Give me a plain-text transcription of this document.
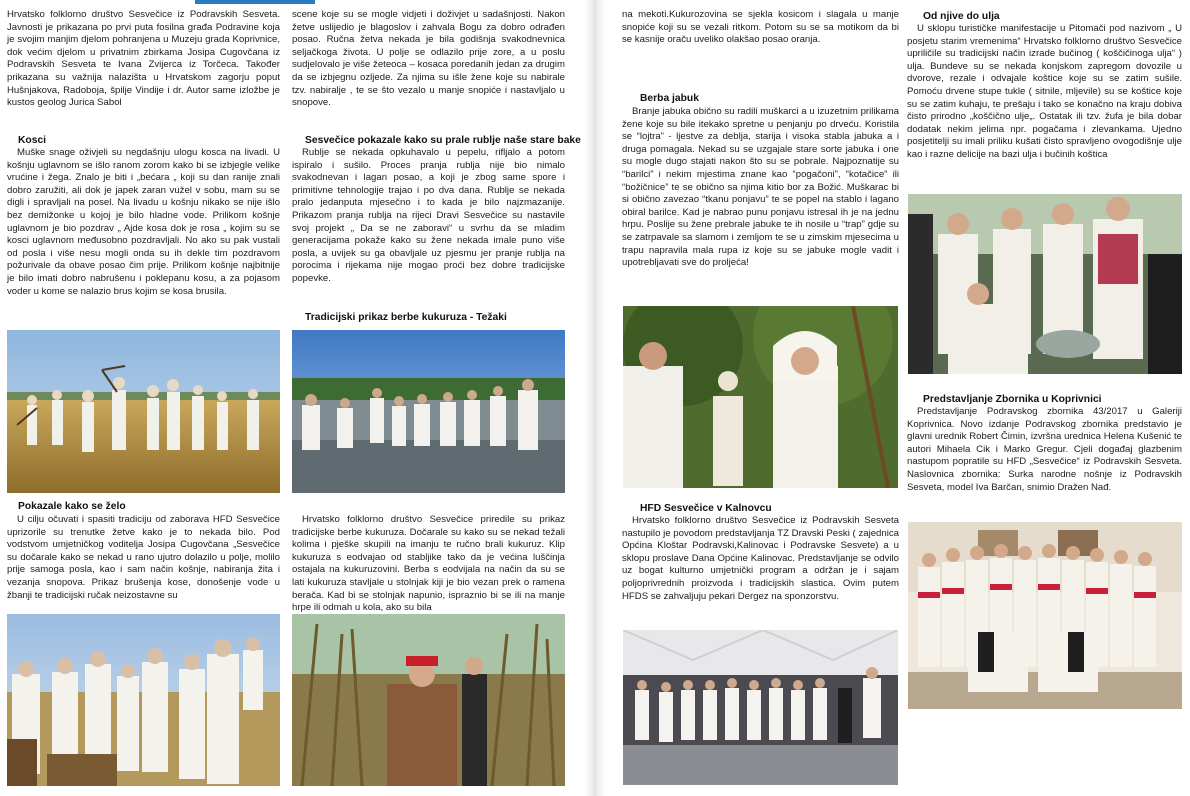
Hrvatsko folklorno društvo Sesvečice iz Podravskih Sesveta. Javnosti je prikazana po prvi puta fosilna građa Podravine koja je svojim manjim djelom pohranjena u Muzeju grada Koprivnice, dok većim djelom u privatnim zbirkama Josipa Cugovčana iz Podravskih Sesveta te Ivana Zvijerca iz Torčeca. Također prikazana su važnija nalazišta u Hrvatskom zagorju poput Hušnjakova, Radoboja, špilje Vindije i dr. Autor same izložbe je kustos geolog Jurica Sabol

Kosci

Muške snage oživjeli su negdašnju ulogu kosca na livadi. U košnju uglavnom se išlo ranom zorom kako bi se izbjegle velike vrućine i žega. Znalo je biti i „bećara „ koji su dan ranije znali dobro zaružiti, ali dok je japek zaran vužel v sobu, mam su se digli i spravljali na posel. Na livadu u košnju nikako se nije išlo bez demižonke u kojoj je bilo hladne vode. Prilikom košnje uglavnom je bio pozdrav „ Ajde kosa dok je rosa „ kojim su se kosci uglavnom međusobno pozdravljali. No ako su pak vustali od posla i više nesu mogli onda su ih dekle tim pozdravom požurivale da obave posao čim prije. Prilikom košnje najbitnije je bilo imati dobro nabrušenu i poklepanu kosu, a za pojasom voder u kome se nalazio brus kojim se kosa brusila.

Pokazale kako se želo

U cilju očuvati i spasiti tradiciju od zaborava HFD Sesvečice uprizorile su trenutke žetve kako je to nekada bilo. Pod vodstvom umjetničkog voditelja Josipa Cugovčana „Sesvečice su dočarale kako se nekad u rano ujutro dolazilo u polje, molilo prije samoga posla, kao i sam način košnje, nabiranja žita i vezanja snopova. Prikaz brušenja kose, donošenje vode u žbanji te tradicijski ručak neizostavne su

scene koje su se mogle vidjeti i doživjet u sadašnjosti. Nakon žetve uslijedio je blagoslov i zahvala Bogu za dobro odrađen posao. Ručna žetva nekada je bila godišnja svakodnevnica seljačkoga života. U polje se odlazilo prije zore, a u poslu sudjelovalo je više žeteoca – kosaca poredanih jedan za drugim da se izbjegnu ozljede. Za njima su išle žene koje su nabirale tzv. nabiralje , te se što vezalo u manje snopiće i nastavljalo u snopove.

Sesvečice pokazale kako su prale rublje naše stare bake

Rublje se nekada opkuhavalo u pepelu, rifljalo a potom ispiralo i sušilo. Proces pranja rublja nije bio nimalo svakodnevan i lagan posao, a koji je zbog same spore i primitivne tehnologije trajao i po dva dana. Rublje se nekada pralo jedanputa mjesečno i to kada je bilo najzmazanije. Prikazom pranja rublja na rijeci Dravi Sesvečice su nastavile svoj projekt „ Da se ne zaboravi“ u svrhu da se mladim generacijama pokaže kako su žene nekada imale puno više posla, a uvijek su ga obavljale uz pjesmu jer pranje rublja na porocima i rijekama nije mogao proći bez dobre tradicijske popevke.

Tradicijski prikaz berbe kukuruza - Težaki

Hrvatsko folklorno društvo Sesvečice priredile su prikaz tradicijske berbe kukuruza. Dočarale su kako su se nekad težali kolima i pješke skupili na imanju te ručno brali kukuruz. Klip kukuruza s eodvajao od stabljike tako da je većina luščinja ostajala na kukuruzovini. Berba s eodvijala na način da su se lati kukuruza stavljale u stolnjak kiji je bio vezan prek o ramena berača. Kad bi se stolnjak napunio, ispraznio bi se ili na manje hrpe ili odmah u kola, ako su bila

na mekoti.Kukurozovina se sjekla kosicom i slagala u manje snopiće koji su se vezali ritkom. Potom su se sa motikom da bi se kasnije oraču uveliko olakšao posao oranja.

Berba jabuk

Branje jabuka obično su radili muškarci a u izuzetnim prilikama žene koje su bile itekako spretne u penjanju po drveću. Koristila se “lojtra” - ljestve za deblja, starija i visoka stabla jabuka a i druga pomagala. Nekad su se uzgajale stare sorte jabuka i one su mogle dugo stajati nakon što su se pobrale. Najpoznatije su “barilci” i nekim mjestima znane kao “pogačoni”, “kotačice” ili “božičnice” te se obično sa njima kitio bor za Božić. Muškarac bi si obično zavezao “tkanu ponjavu” te se popel na stablo i lagano obiral barilce. Kad je nabrao punu ponjavu istresal ih je na jednu hrpu. Poslije su žene prebrale jabuke te ih nosile u “trap” gdje su se zatrpavale sa slamom i zemljom te se u zimskim mjesecima u trapu napravila mala rupa iz koje su se jabuke mogle vadit i upotrebljavati sve do proljeća!

HFD Sesvečice v Kalnovcu

Hrvatsko folklorno društvo Sesvečice iz Podravskih Sesveta nastupilo je povodom predstavljanja TZ Dravski Peski ( zajednica Općina Kloštar Podravski,Kalinovac i Podravske Sesvete) a u sklopu proslave Dana Općine Kalinovac. Predstavljanje se odvilo uz bogat kulturno umjetnički program a održan je i sajam poljoprivrednih proizvoda i tradicijskih slastica. Ovim putem HFDS se zahvaljuju pekari Dergez na sponzorstvu.

Od njive do ulja

U sklopu turističke manifestacije u Pitomači pod nazivom „ U posjetu starim vremenima“ Hrvatsko folklorno društvo Sesvečice upriličile su tradicijski način izrade bučinog ( koščičinoga ulja“ ) ulja. Bundeve su se nekada konjskom zaprego​m dovozile u dvorove, rezale i odvajale koštice koje su se zatim sušile. Pomoću drvene stupe tukle ( sitnile, mljevile) su se koštice koje su se zatim kuhaju, te prešaju i tako se konačno na kraju dobiva čisto prirodno „koščično ulje„. Ostatak ili tzv. žufa je bila dobar dodatak nekim jelima npr. pogačama i zlevankama. Ujedno posjetitelji su imali priliku kušati čisto spravljeno ovogodišnje ulje kao i razne delicije na bazi ulja i bučinih koštica

Predstavljanje Zbornika u Koprivnici

Predstavljanje Podravskog zbornika 43/2017 u Galeriji Koprivnica. Novo izdanje Podravskog zbornika predstavio je glavni urednik Robert Čimin, izvršna urednica Helena Kušenić te autori Mihaela Cik i Marko Gregur. Cjeli događaj glazbenim nastupom popratile su HFD „Sesvečice“ iz Podravskih Sesveta. Naslovnica zbornika: Surka narodne nošnje iz Podravskih Sesveta, model Iva Barčan, snimio Dražen Nađ.
